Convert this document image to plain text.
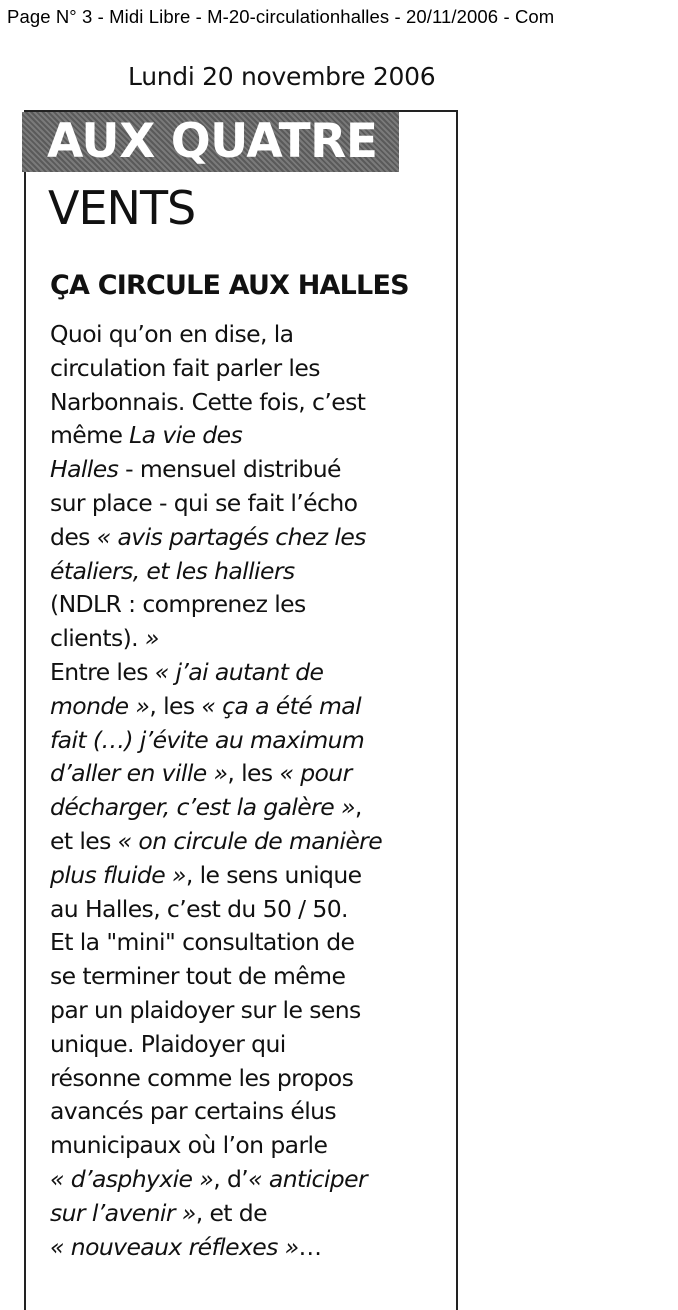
Page N° 3 - Midi Libre - M-20-circulationhalles - 20/11/2006 - Com
Lundi 20 novembre 2006
AUX QUATRE
VENTS
ÇA CIRCULE AUX HALLES
Quoi qu’on en dise, la
circulation fait parler les
Narbonnais. Cette fois, c’est
même La vie des
Halles - mensuel distribué
sur place - qui se fait l’écho
des « avis partagés chez les
étaliers, et les halliers
(NDLR : comprenez les
clients). »
Entre les « j’ai autant de
monde », les « ça a été mal
fait (…) j’évite au maximum
d’aller en ville », les « pour
décharger, c’est la galère »,
et les « on circule de manière
plus fluide », le sens unique
au Halles, c’est du 50 / 50.
Et la "mini" consultation de
se terminer tout de même
par un plaidoyer sur le sens
unique. Plaidoyer qui
résonne comme les propos
avancés par certains élus
municipaux où l’on parle
« d’asphyxie », d’« anticiper
sur l’avenir », et de
« nouveaux réflexes »…
